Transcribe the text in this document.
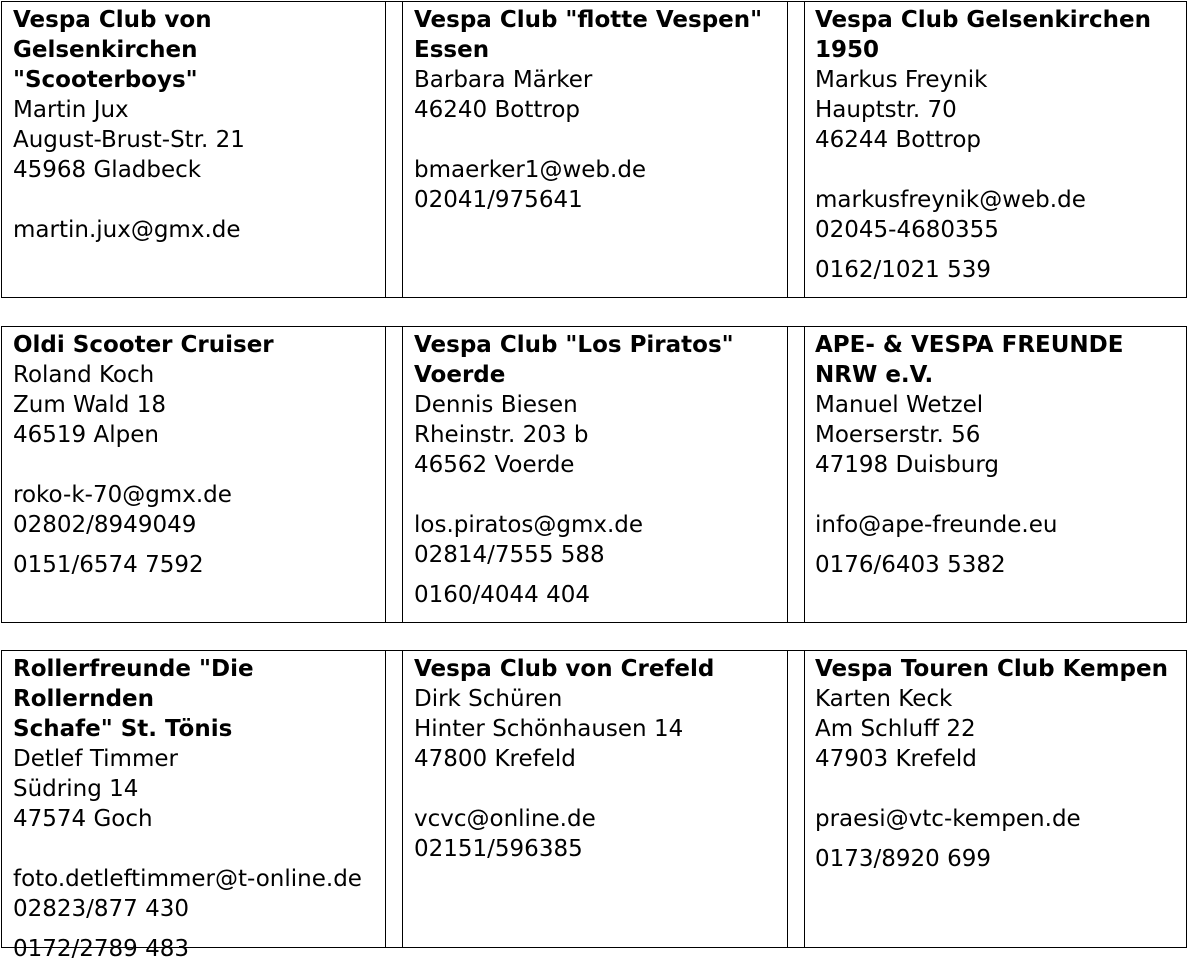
Vespa Club von Gelsenkirchen
"Scooterboys"
Martin Jux
August-Brust-Str. 21
45968 Gladbeck
martin.jux@gmx.de
Vespa Club "flotte Vespen"
Essen
Barbara Märker
46240 Bottrop
bmaerker1@web.de
02041/975641
Vespa Club Gelsenkirchen
1950
Markus Freynik
Hauptstr. 70
46244 Bottrop
markusfreynik@web.de
02045-4680355
0162/1021 539
Oldi Scooter Cruiser
Roland Koch
Zum Wald 18
46519 Alpen
roko-k-70@gmx.de
02802/8949049
0151/6574 7592
Vespa Club "Los Piratos"
Voerde
Dennis Biesen
Rheinstr. 203 b
46562 Voerde
los.piratos@gmx.de
02814/7555 588
0160/4044 404
APE- & VESPA FREUNDE
NRW e.V.
Manuel Wetzel
Moerserstr. 56
47198 Duisburg
info@ape-freunde.eu
0176/6403 5382
Rollerfreunde "Die Rollernden
Schafe" St. Tönis
Detlef Timmer
Südring 14
47574 Goch
foto.detleftimmer@t-online.de
02823/877 430
0172/2789 483
Vespa Club von Crefeld
Dirk Schüren
Hinter Schönhausen 14
47800 Krefeld
vcvc@online.de
02151/596385
Vespa Touren Club Kempen
Karten Keck
Am Schluff 22
47903 Krefeld
praesi@vtc-kempen.de
0173/8920 699
